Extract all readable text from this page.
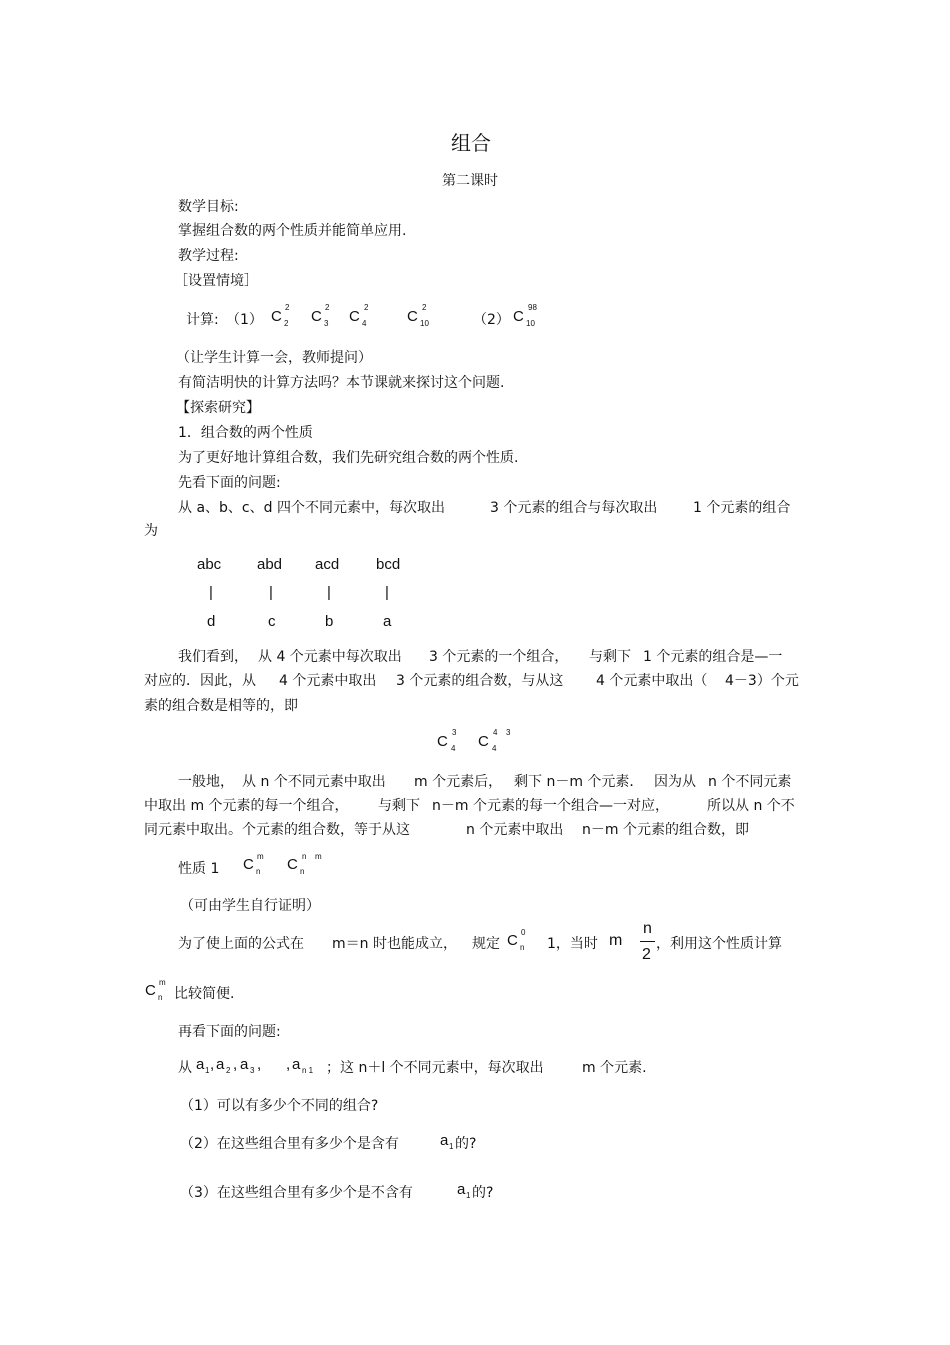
组合
第二课时
数学目标:
掌握组合数的两个性质并能简单应用.
教学过程:
［设置情境］
计算: （1） C
2
2 C
2
3 C
2
4	C
2
10	（2） C
98
10
（让学生计算一会，教师提问）
有简洁明快的计算方法吗？本节课就来探讨这个问题.
【探索研究】
1．组合数的两个性质
为了更好地计算组合数，我们先研究组合数的两个性质.
先看下面的问题:
从 a、b、c、d 四个不同元素中，每次取出	3 个元素的组合与每次取出	1 个元素的组合
为
abc abd acd bcd
|	|	|	|
d	c	b	a
我们看到， 从 4 个元素中每次取出 3 个元素的一个组合， 与剩下 1 个元素的组合是—一
对应的．因此，从 4 个元素中取出 3 个元素的组合数，与从这 4 个元素中取出（ 4－3）个元
素的组合数是相等的，即
C
3
4 C
4
4
3
一般地， 从 n 个不同元素中取出 m 个元素后， 剩下 n－m 个元素． 因为从 n 个不同元素
中取出 m 个元素的每一个组合， 与剩下 n－m 个元素的每一个组合—一对应，	所以从 n 个不
同元素中取出。个元素的组合数，等于从这	n 个元素中取出 n－m 个元素的组合数，即
性质 1 C m
n C n
n
m
（可由学生自行证明）
为了使上面的公式在 m＝n 时也能成立， 规定 C 0
n 1，当时 m
n
2
，利用这个性质计算
C m
n 比较简便.
再看下面的问题:
从 a 1 , a 2 , a 3 , , a n 1 ；这 n＋l 个不同元素中，每次取出	m 个元素.
（1）可以有多少个不同的组合?
（2）在这些组合里有多少个是含有	a 1 的?
（3）在这些组合里有多少个是不含有	a 1 的?
